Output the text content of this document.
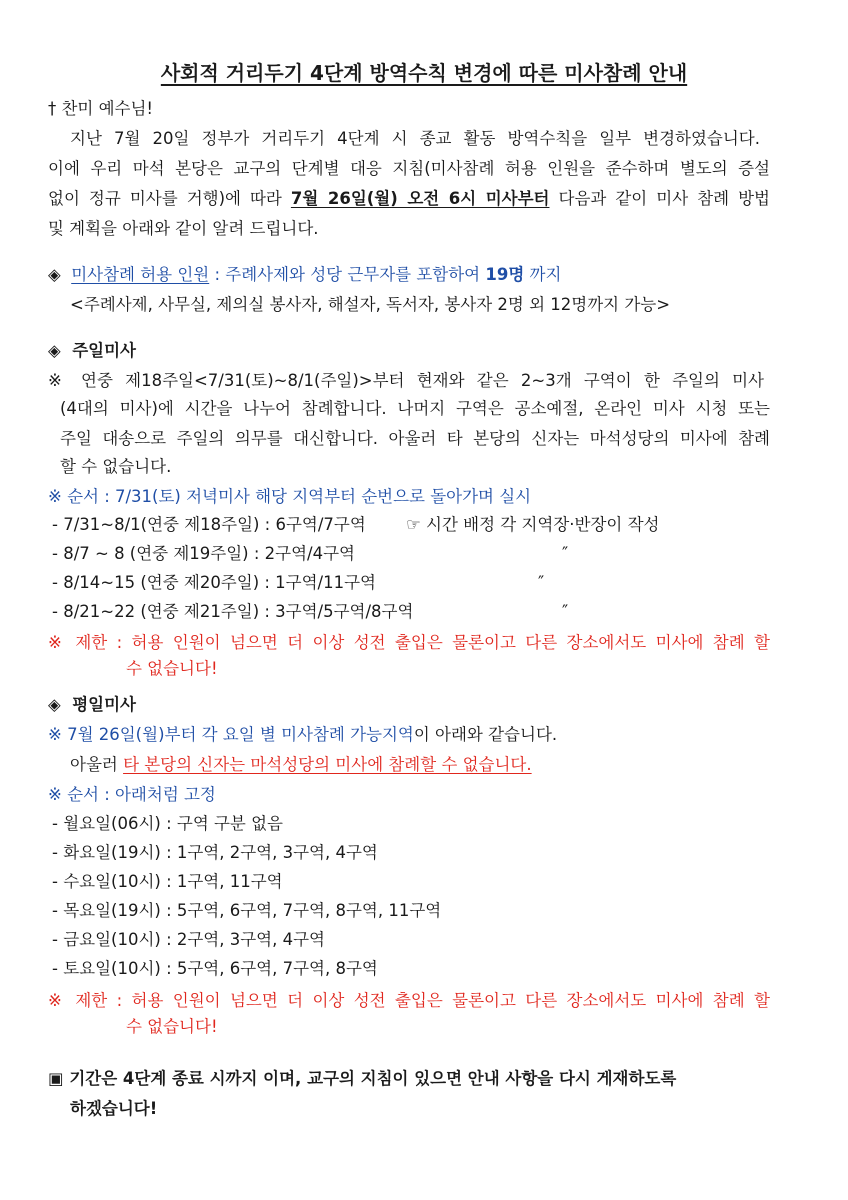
사회적 거리두기 4단계 방역수칙 변경에 따른 미사참례 안내
† 찬미 예수님!
지난 7월 20일 정부가 거리두기 4단계 시 종교 활동 방역수칙을 일부 변경하였습니다.
이에 우리 마석 본당은 교구의 단계별 대응 지침(미사참례 허용 인원을 준수하며 별도의 증설
없이 정규 미사를 거행)에 따라 7월 26일(월) 오전 6시 미사부터 다음과 같이 미사 참례 방법
및 계획을 아래와 같이 알려 드립니다.
◈ 미사참례 허용 인원 : 주례사제와 성당 근무자를 포함하여 19명 까지
<주례사제, 사무실, 제의실 봉사자, 해설자, 독서자, 봉사자 2명 외 12명까지 가능>
◈ 주일미사
※ 연중 제18주일<7/31(토)~8/1(주일)>부터 현재와 같은 2~3개 구역이 한 주일의 미사
(4대의 미사)에 시간을 나누어 참례합니다. 나머지 구역은 공소예절, 온라인 미사 시청 또는
주일 대송으로 주일의 의무를 대신합니다. 아울러 타 본당의 신자는 마석성당의 미사에 참례
할 수 없습니다.
※ 순서 : 7/31(토) 저녁미사 해당 지역부터 순번으로 돌아가며 실시
- 7/31~8/1(연중 제18주일) : 6구역/7구역 ☞ 시간 배정 각 지역장·반장이 작성
- 8/7 ~ 8 (연중 제19주일) : 2구역/4구역	″
- 8/14~15 (연중 제20주일) : 1구역/11구역	″
- 8/21~22 (연중 제21주일) : 3구역/5구역/8구역	″
※ 제한 : 허용 인원이 넘으면 더 이상 성전 출입은 물론이고 다른 장소에서도 미사에 참례 할
수 없습니다!
◈ 평일미사
※ 7월 26일(월)부터 각 요일 별 미사참례 가능지역이 아래와 같습니다.
아울러 타 본당의 신자는 마석성당의 미사에 참례할 수 없습니다.
※ 순서 : 아래처럼 고정
- 월요일(06시) : 구역 구분 없음
- 화요일(19시) : 1구역, 2구역, 3구역, 4구역
- 수요일(10시) : 1구역, 11구역
- 목요일(19시) : 5구역, 6구역, 7구역, 8구역, 11구역
- 금요일(10시) : 2구역, 3구역, 4구역
- 토요일(10시) : 5구역, 6구역, 7구역, 8구역
※ 제한 : 허용 인원이 넘으면 더 이상 성전 출입은 물론이고 다른 장소에서도 미사에 참례 할
수 없습니다!
▣ 기간은 4단계 종료 시까지 이며, 교구의 지침이 있으면 안내 사항을 다시 게재하도록
하겠습니다!
